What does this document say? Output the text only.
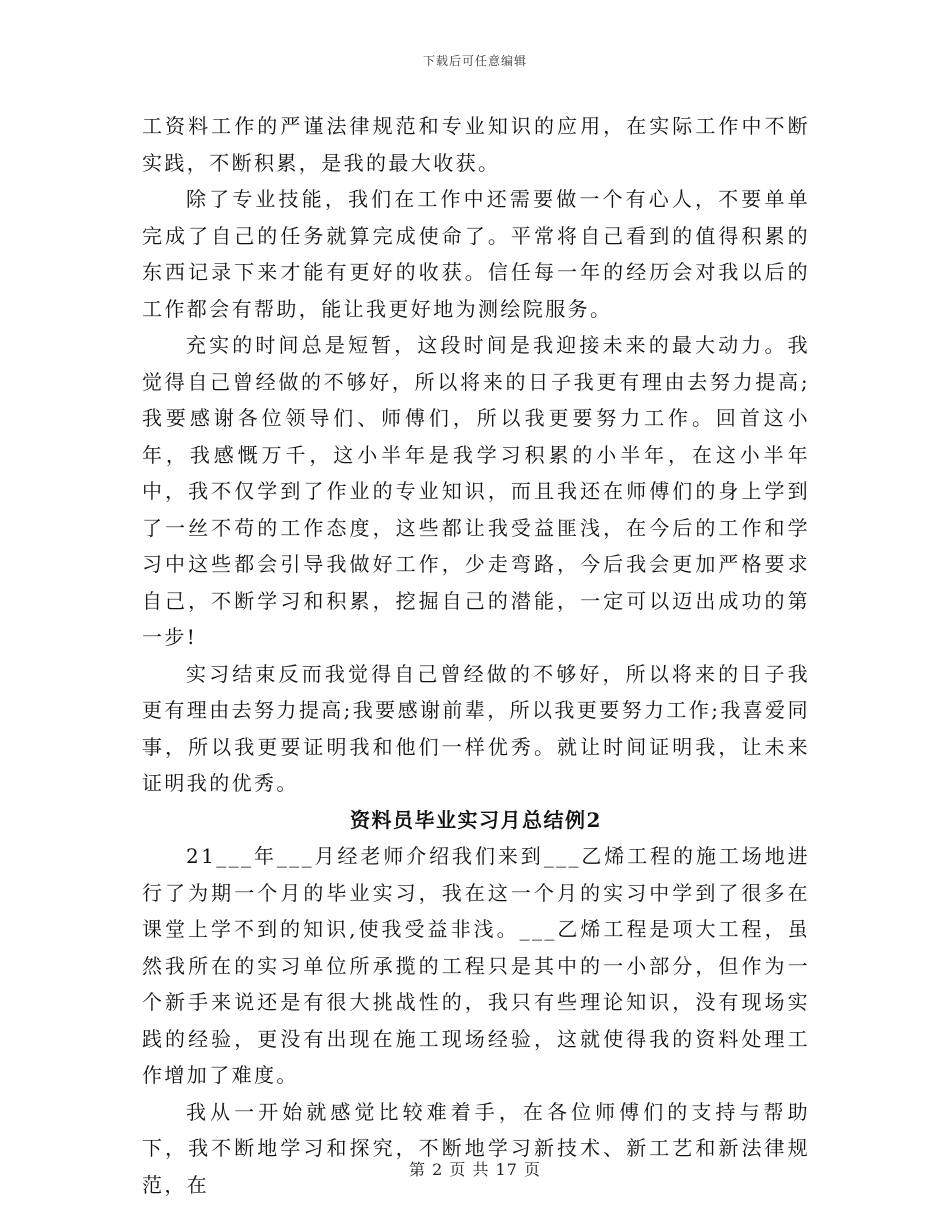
下载后可任意编辑

工资料工作的严谨法律规范和专业知识的应用，在实际工作中不断实践，不断积累，是我的最大收获。

除了专业技能，我们在工作中还需要做一个有心人，不要单单完成了自己的任务就算完成使命了。平常将自己看到的值得积累的东西记录下来才能有更好的收获。信任每一年的经历会对我以后的工作都会有帮助，能让我更好地为测绘院服务。

充实的时间总是短暂，这段时间是我迎接未来的最大动力。我觉得自己曾经做的不够好，所以将来的日子我更有理由去努力提高;我要感谢各位领导们、师傅们，所以我更要努力工作。回首这小年，我感慨万千，这小半年是我学习积累的小半年，在这小半年中，我不仅学到了作业的专业知识，而且我还在师傅们的身上学到了一丝不苟的工作态度，这些都让我受益匪浅，在今后的工作和学习中这些都会引导我做好工作，少走弯路，今后我会更加严格要求自己，不断学习和积累，挖掘自己的潜能，一定可以迈出成功的第一步!

实习结束反而我觉得自己曾经做的不够好，所以将来的日子我更有理由去努力提高;我要感谢前辈，所以我更要努力工作;我喜爱同事，所以我更要证明我和他们一样优秀。就让时间证明我，让未来证明我的优秀。

资料员毕业实习月总结例2

21___年___月经老师介绍我们来到___乙烯工程的施工场地进行了为期一个月的毕业实习，我在这一个月的实习中学到了很多在课堂上学不到的知识,使我受益非浅。___乙烯工程是项大工程，虽然我所在的实习单位所承揽的工程只是其中的一小部分，但作为一个新手来说还是有很大挑战性的，我只有些理论知识，没有现场实践的经验，更没有出现在施工现场经验，这就使得我的资料处理工作增加了难度。

我从一开始就感觉比较难着手，在各位师傅们的支持与帮助下，我不断地学习和探究，不断地学习新技术、新工艺和新法律规范，在

第 2 页 共 17 页
